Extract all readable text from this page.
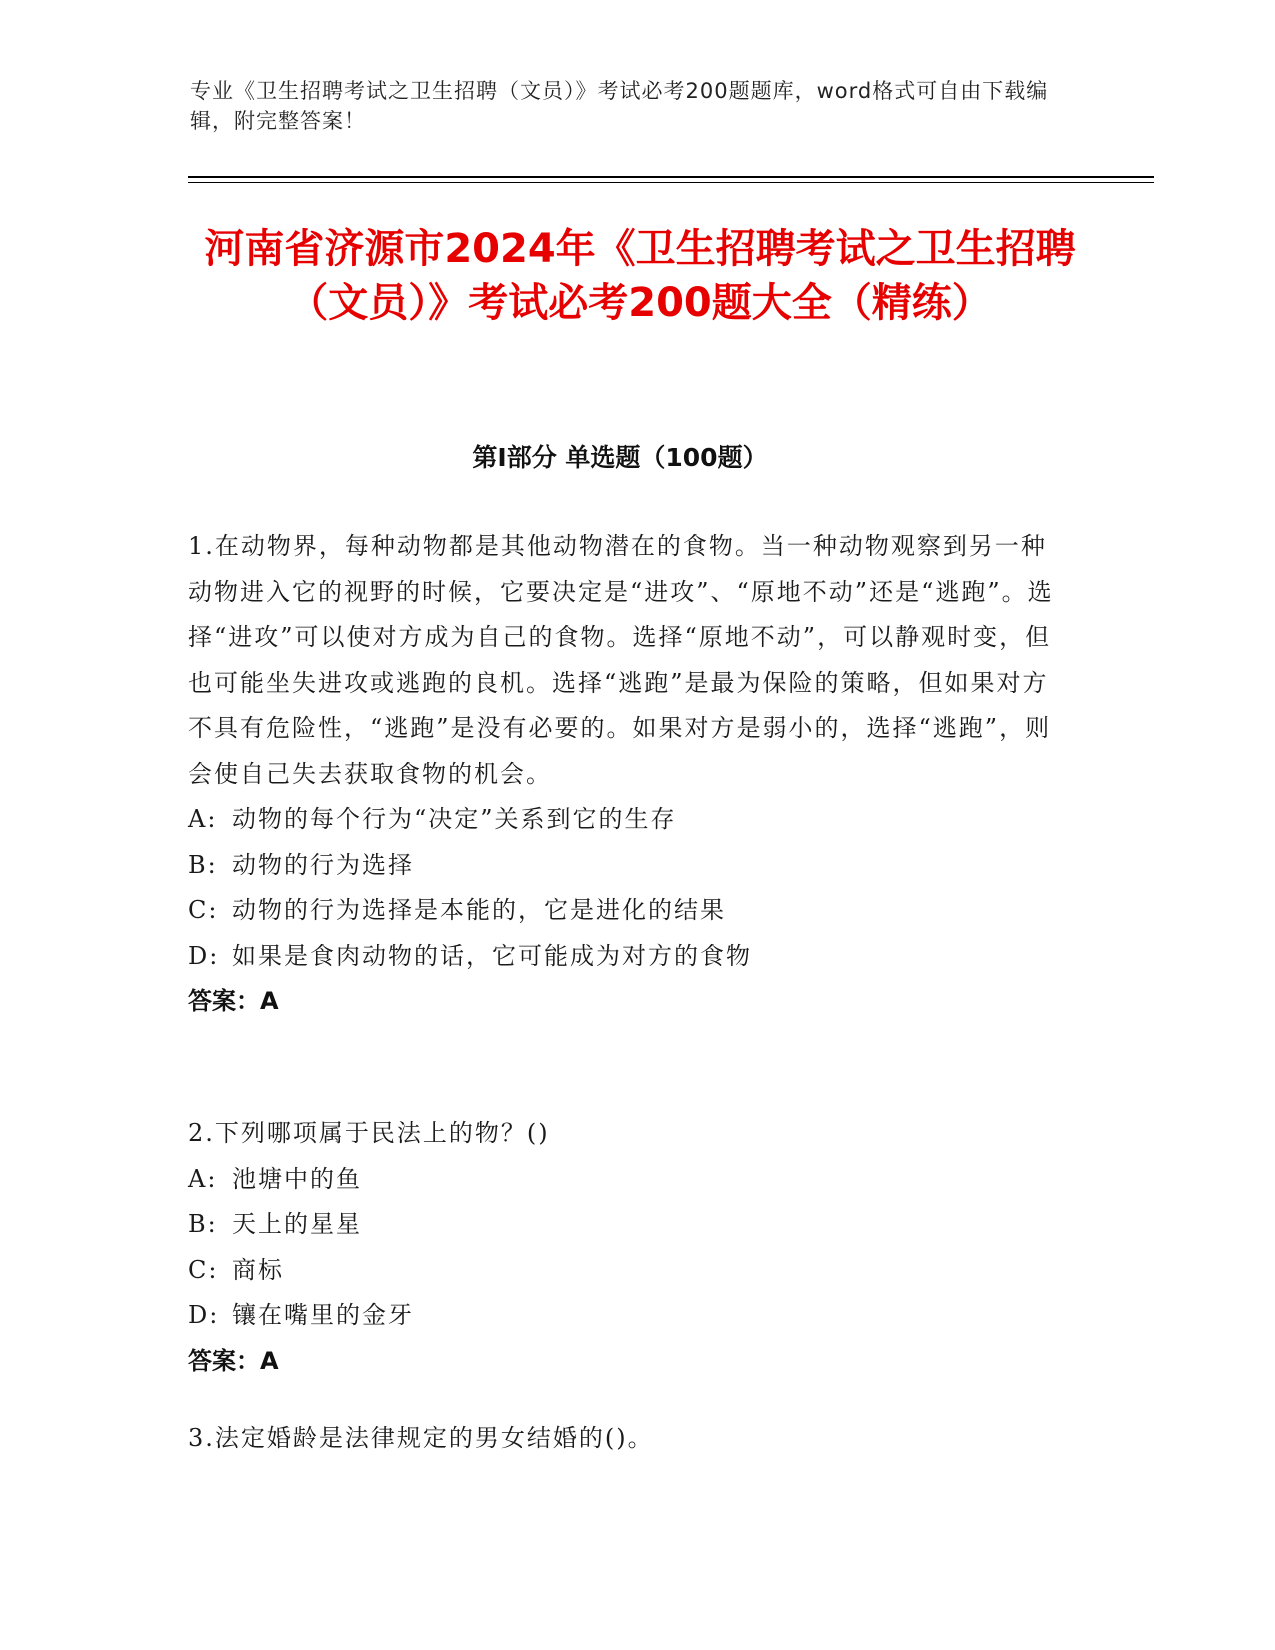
专业《卫生招聘考试之卫生招聘（文员）》考试必考200题题库，word格式可自由下载编辑，附完整答案！
河南省济源市2024年《卫生招聘考试之卫生招聘（文员）》考试必考200题大全（精练）
第Ⅰ部分 单选题（100题）
1.在动物界，每种动物都是其他动物潜在的食物。当一种动物观察到另一种动物进入它的视野的时候，它要决定是“进攻”、“原地不动”还是“逃跑”。选择“进攻”可以使对方成为自己的食物。选择“原地不动”，可以静观时变，但也可能坐失进攻或逃跑的良机。选择“逃跑”是最为保险的策略，但如果对方不具有危险性，“逃跑”是没有必要的。如果对方是弱小的，选择“逃跑”，则会使自己失去获取食物的机会。
A: 动物的每个行为“决定”关系到它的生存
B: 动物的行为选择
C: 动物的行为选择是本能的，它是进化的结果
D: 如果是食肉动物的话，它可能成为对方的食物
答案：A
2.下列哪项属于民法上的物？()
A: 池塘中的鱼
B: 天上的星星
C: 商标
D: 镶在嘴里的金牙
答案：A
3.法定婚龄是法律规定的男女结婚的()。
